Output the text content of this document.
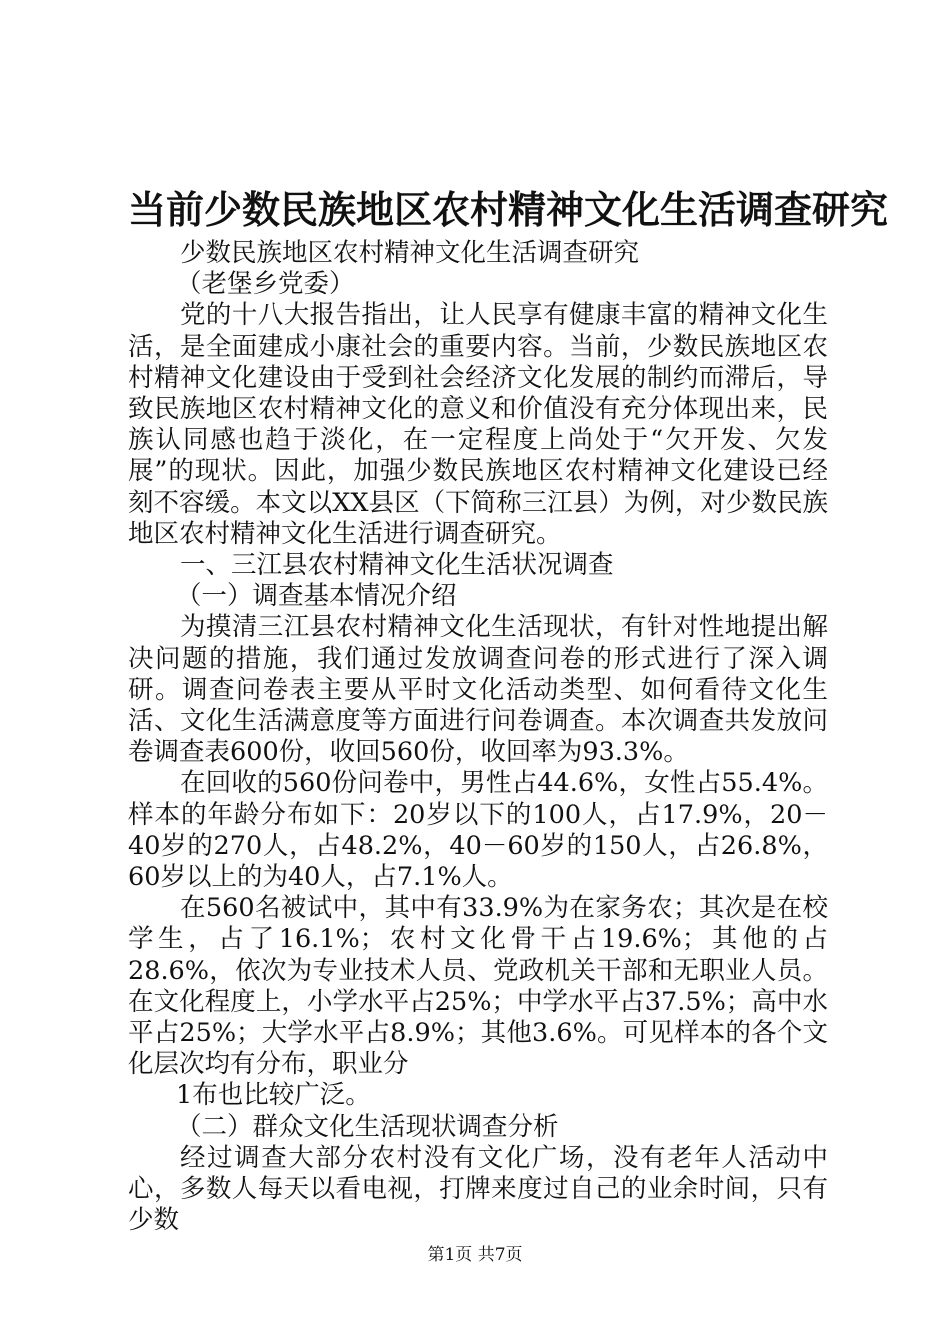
当前少数民族地区农村精神文化生活调查研究

少数民族地区农村精神文化生活调查研究

（老堡乡党委）

党的十八大报告指出，让人民享有健康丰富的精神文化生活，是全面建成小康社会的重要内容。当前，少数民族地区农村精神文化建设由于受到社会经济文化发展的制约而滞后，导致民族地区农村精神文化的意义和价值没有充分体现出来，民族认同感也趋于淡化，在一定程度上尚处于“欠开发、欠发展”的现状。因此，加强少数民族地区农村精神文化建设已经刻不容缓。本文以XX县区（下简称三江县）为例，对少数民族地区农村精神文化生活进行调查研究。

一、三江县农村精神文化生活状况调查

（一）调查基本情况介绍

为摸清三江县农村精神文化生活现状，有针对性地提出解决问题的措施，我们通过发放调查问卷的形式进行了深入调研。调查问卷表主要从平时文化活动类型、如何看待文化生活、文化生活满意度等方面进行问卷调查。本次调查共发放问卷调查表600份，收回560份，收回率为93.3%。

在回收的560份问卷中，男性占44.6%，女性占55.4%。样本的年龄分布如下：20岁以下的100人，占17.9%，20－40岁的270人，占48.2%，40－60岁的150人，占26.8%，60岁以上的为40人，占7.1%人。

在560名被试中，其中有33.9%为在家务农；其次是在校学生，占了16.1%；农村文化骨干占19.6%；其他的占28.6%，依次为专业技术人员、党政机关干部和无职业人员。在文化程度上，小学水平占25%；中学水平占37.5%；高中水平占25%；大学水平占8.9%；其他3.6%。可见样本的各个文化层次均有分布，职业分

1布也比较广泛。

（二）群众文化生活现状调查分析

经过调查大部分农村没有文化广场，没有老年人活动中心，多数人每天以看电视，打牌来度过自己的业余时间，只有少数

第1页 共7页
